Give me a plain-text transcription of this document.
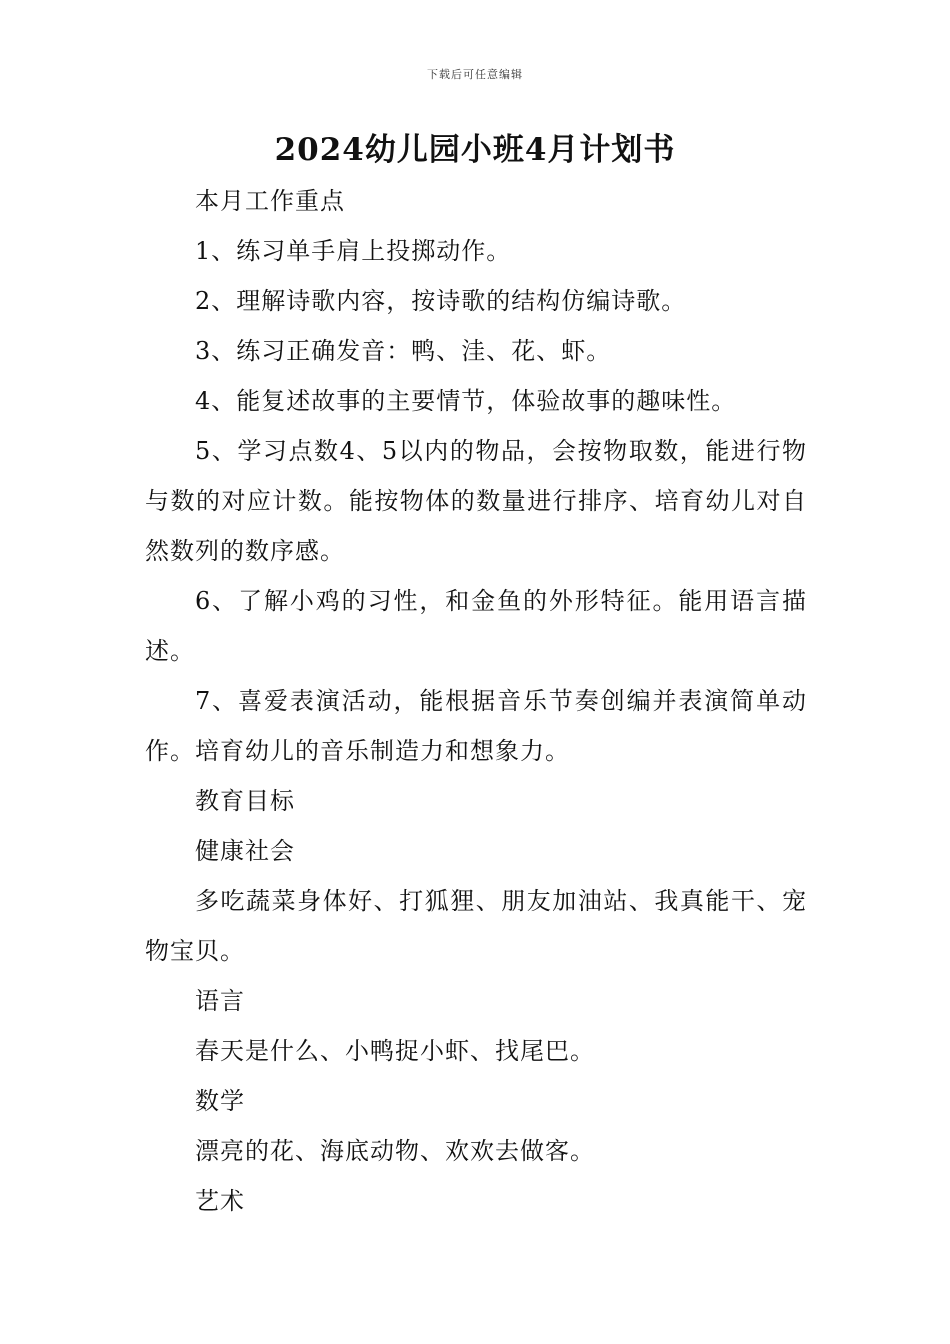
下载后可任意编辑
2024幼儿园小班4月计划书

本月工作重点

1、练习单手肩上投掷动作。

2、理解诗歌内容，按诗歌的结构仿编诗歌。

3、练习正确发音：鸭、洼、花、虾。

4、能复述故事的主要情节，体验故事的趣味性。

5、学习点数4、5以内的物品，会按物取数，能进行物与数的对应计数。能按物体的数量进行排序、培育幼儿对自然数列的数序感。

6、了解小鸡的习性，和金鱼的外形特征。能用语言描述。

7、喜爱表演活动，能根据音乐节奏创编并表演简单动作。培育幼儿的音乐制造力和想象力。

教育目标

健康社会

多吃蔬菜身体好、打狐狸、朋友加油站、我真能干、宠物宝贝。

语言

春天是什么、小鸭捉小虾、找尾巴。

数学

漂亮的花、海底动物、欢欢去做客。

艺术
